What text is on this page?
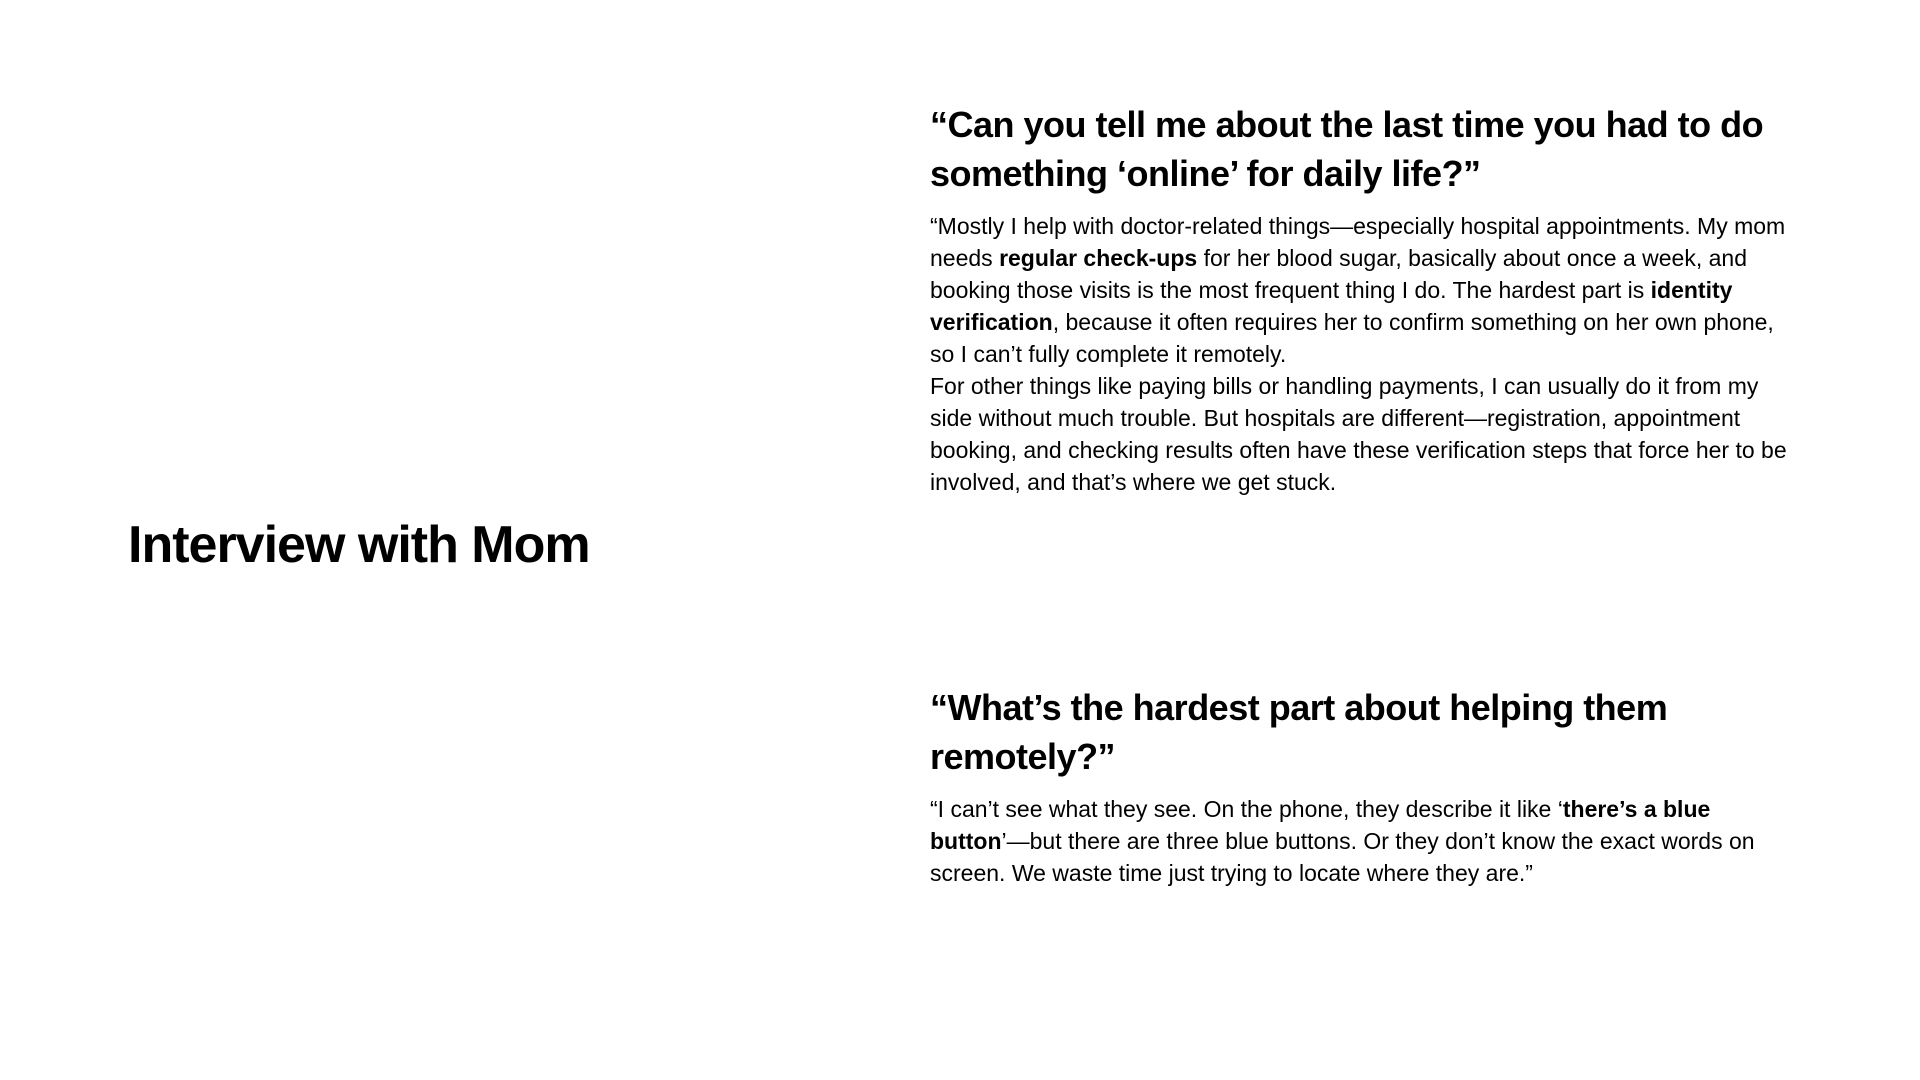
Interview with Mom
“Can you tell me about the last time you had to do something ‘online’ for daily life?”

“Mostly I help with doctor-related things—especially hospital appointments. My mom needs regular check-ups for her blood sugar, basically about once a week, and booking those visits is the most frequent thing I do. The hardest part is identity verification, because it often requires her to confirm something on her own phone, so I can’t fully complete it remotely.
For other things like paying bills or handling payments, I can usually do it from my side without much trouble. But hospitals are different—registration, appointment booking, and checking results often have these verification steps that force her to be involved, and that’s where we get stuck.

“What’s the hardest part about helping them remotely?”

“I can’t see what they see. On the phone, they describe it like ‘there’s a blue button’—but there are three blue buttons. Or they don’t know the exact words on screen. We waste time just trying to locate where they are.”
